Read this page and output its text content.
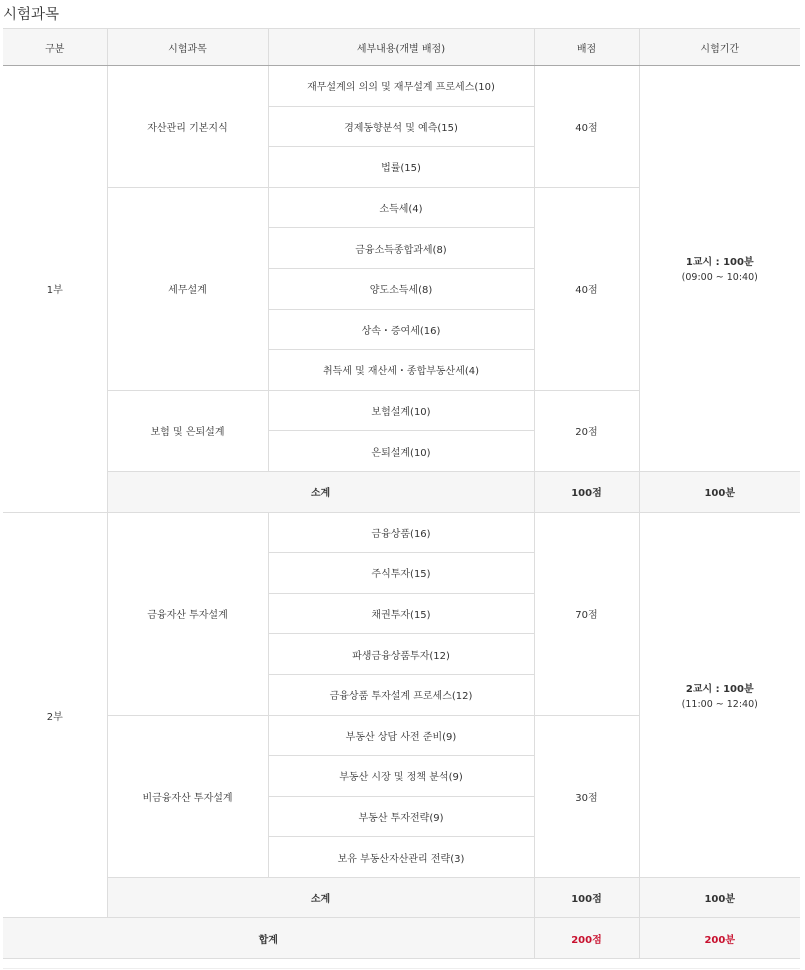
시험과목
구분	시험과목	세부내용(개별 배점)	배점	시험기간
1부	자산관리 기본지식	재무설계의 의의 및 재무설계 프로세스(10)	40점	1교시 : 100분
(09:00 ~ 10:40)

		경제동향분석 및 예측(15)		
		법률(15)		
	세무설계	소득세(4)	40점	
		금융소득종합과세(8)		
		양도소득세(8)		
		상속・증여세(16)		
		취득세 및 재산세・종합부동산세(4)		
	보험 및 은퇴설계	보험설계(10)	20점	
		은퇴설계(10)		
	소계		100점	100분
2부	금융자산 투자설계	금융상품(16)	70점	2교시 : 100분
(11:00 ~ 12:40)

		주식투자(15)		
		채권투자(15)		
		파생금융상품투자(12)		
		금융상품 투자설계 프로세스(12)		
	비금융자산 투자설계	부동산 상담 사전 준비(9)	30점	
		부동산 시장 및 정책 분석(9)		
		부동산 투자전략(9)		
		보유 부동산자산관리 전략(3)		
	소계		100점	100분
합계			200점	200분
